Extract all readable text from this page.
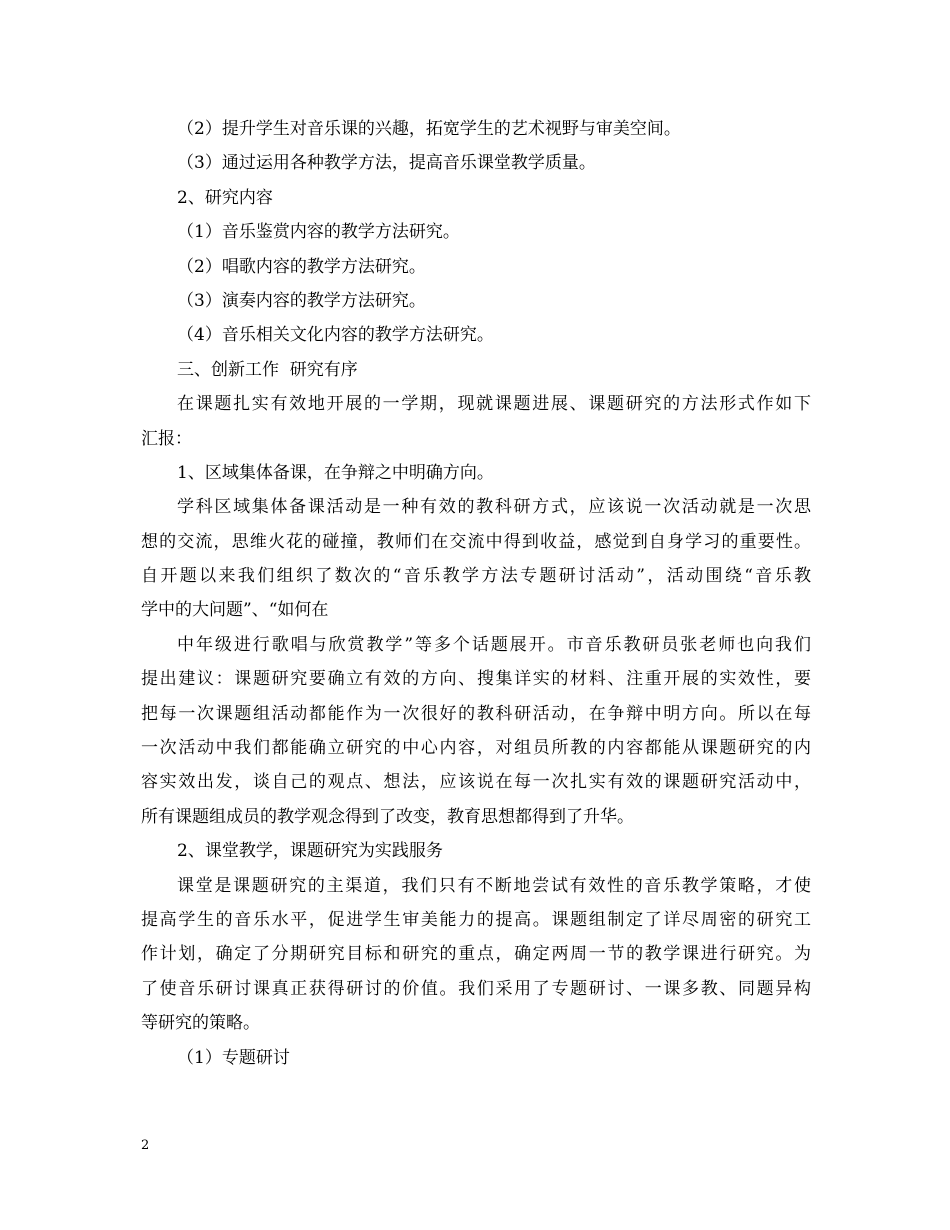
（2）提升学生对音乐课的兴趣，拓宽学生的艺术视野与审美空间。
（3）通过运用各种教学方法，提高音乐课堂教学质量。
2、研究内容
（1）音乐鉴赏内容的教学方法研究。
（2）唱歌内容的教学方法研究。
（3）演奏内容的教学方法研究。
（4）音乐相关文化内容的教学方法研究。
三、创新工作  研究有序
在课题扎实有效地开展的一学期，现就课题进展、课题研究的方法形式作如下
汇报：
1、区域集体备课，在争辩之中明确方向。
学科区域集体备课活动是一种有效的教科研方式，应该说一次活动就是一次思
想的交流，思维火花的碰撞，教师们在交流中得到收益，感觉到自身学习的重要性。
自开题以来我们组织了数次的“音乐教学方法专题研讨活动”，活动围绕“音乐教
学中的大问题”、“如何在
中年级进行歌唱与欣赏教学”等多个话题展开。市音乐教研员张老师也向我们
提出建议：课题研究要确立有效的方向、搜集详实的材料、注重开展的实效性，要
把每一次课题组活动都能作为一次很好的教科研活动，在争辩中明方向。所以在每
一次活动中我们都能确立研究的中心内容，对组员所教的内容都能从课题研究的内
容实效出发，谈自己的观点、想法，应该说在每一次扎实有效的课题研究活动中，
所有课题组成员的教学观念得到了改变，教育思想都得到了升华。
2、课堂教学，课题研究为实践服务
课堂是课题研究的主渠道，我们只有不断地尝试有效性的音乐教学策略，才使
提高学生的音乐水平，促进学生审美能力的提高。课题组制定了详尽周密的研究工
作计划，确定了分期研究目标和研究的重点，确定两周一节的教学课进行研究。为
了使音乐研讨课真正获得研讨的价值。我们采用了专题研讨、一课多教、同题异构
等研究的策略。
（1）专题研讨
2
